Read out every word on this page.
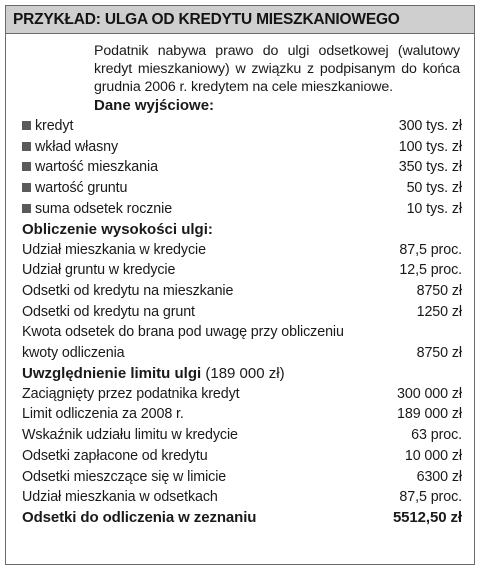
PRZYKŁAD: ULGA OD KREDYTU MIESZKANIOWEGO
Podatnik nabywa prawo do ulgi odsetkowej (walutowy kredyt mieszkaniowy) w związku z podpisanym do końca grudnia 2006 r. kredytem na cele mieszkaniowe.
Dane wyjściowe:
kredyt	300 tys. zł
wkład własny	100 tys. zł
wartość mieszkania	350 tys. zł
wartość gruntu	50 tys. zł
suma odsetek rocznie	10 tys. zł
Obliczenie wysokości ulgi:
Udział mieszkania w kredycie	87,5 proc.
Udział gruntu w kredycie	12,5 proc.
Odsetki od kredytu na mieszkanie	8750 zł
Odsetki od kredytu na grunt	1250 zł
Kwota odsetek do brana pod uwagę przy obliczeniu
kwoty odliczenia	8750 zł
Uwzględnienie limitu ulgi (189 000 zł)
Zaciągnięty przez podatnika kredyt	300 000 zł
Limit odliczenia za 2008 r.	189 000 zł
Wskaźnik udziału limitu w kredycie	63 proc.
Odsetki zapłacone od kredytu	10 000 zł
Odsetki mieszczące się w limicie	6300 zł
Udział mieszkania w odsetkach	87,5 proc.
Odsetki do odliczenia w zeznaniu	5512,50 zł
